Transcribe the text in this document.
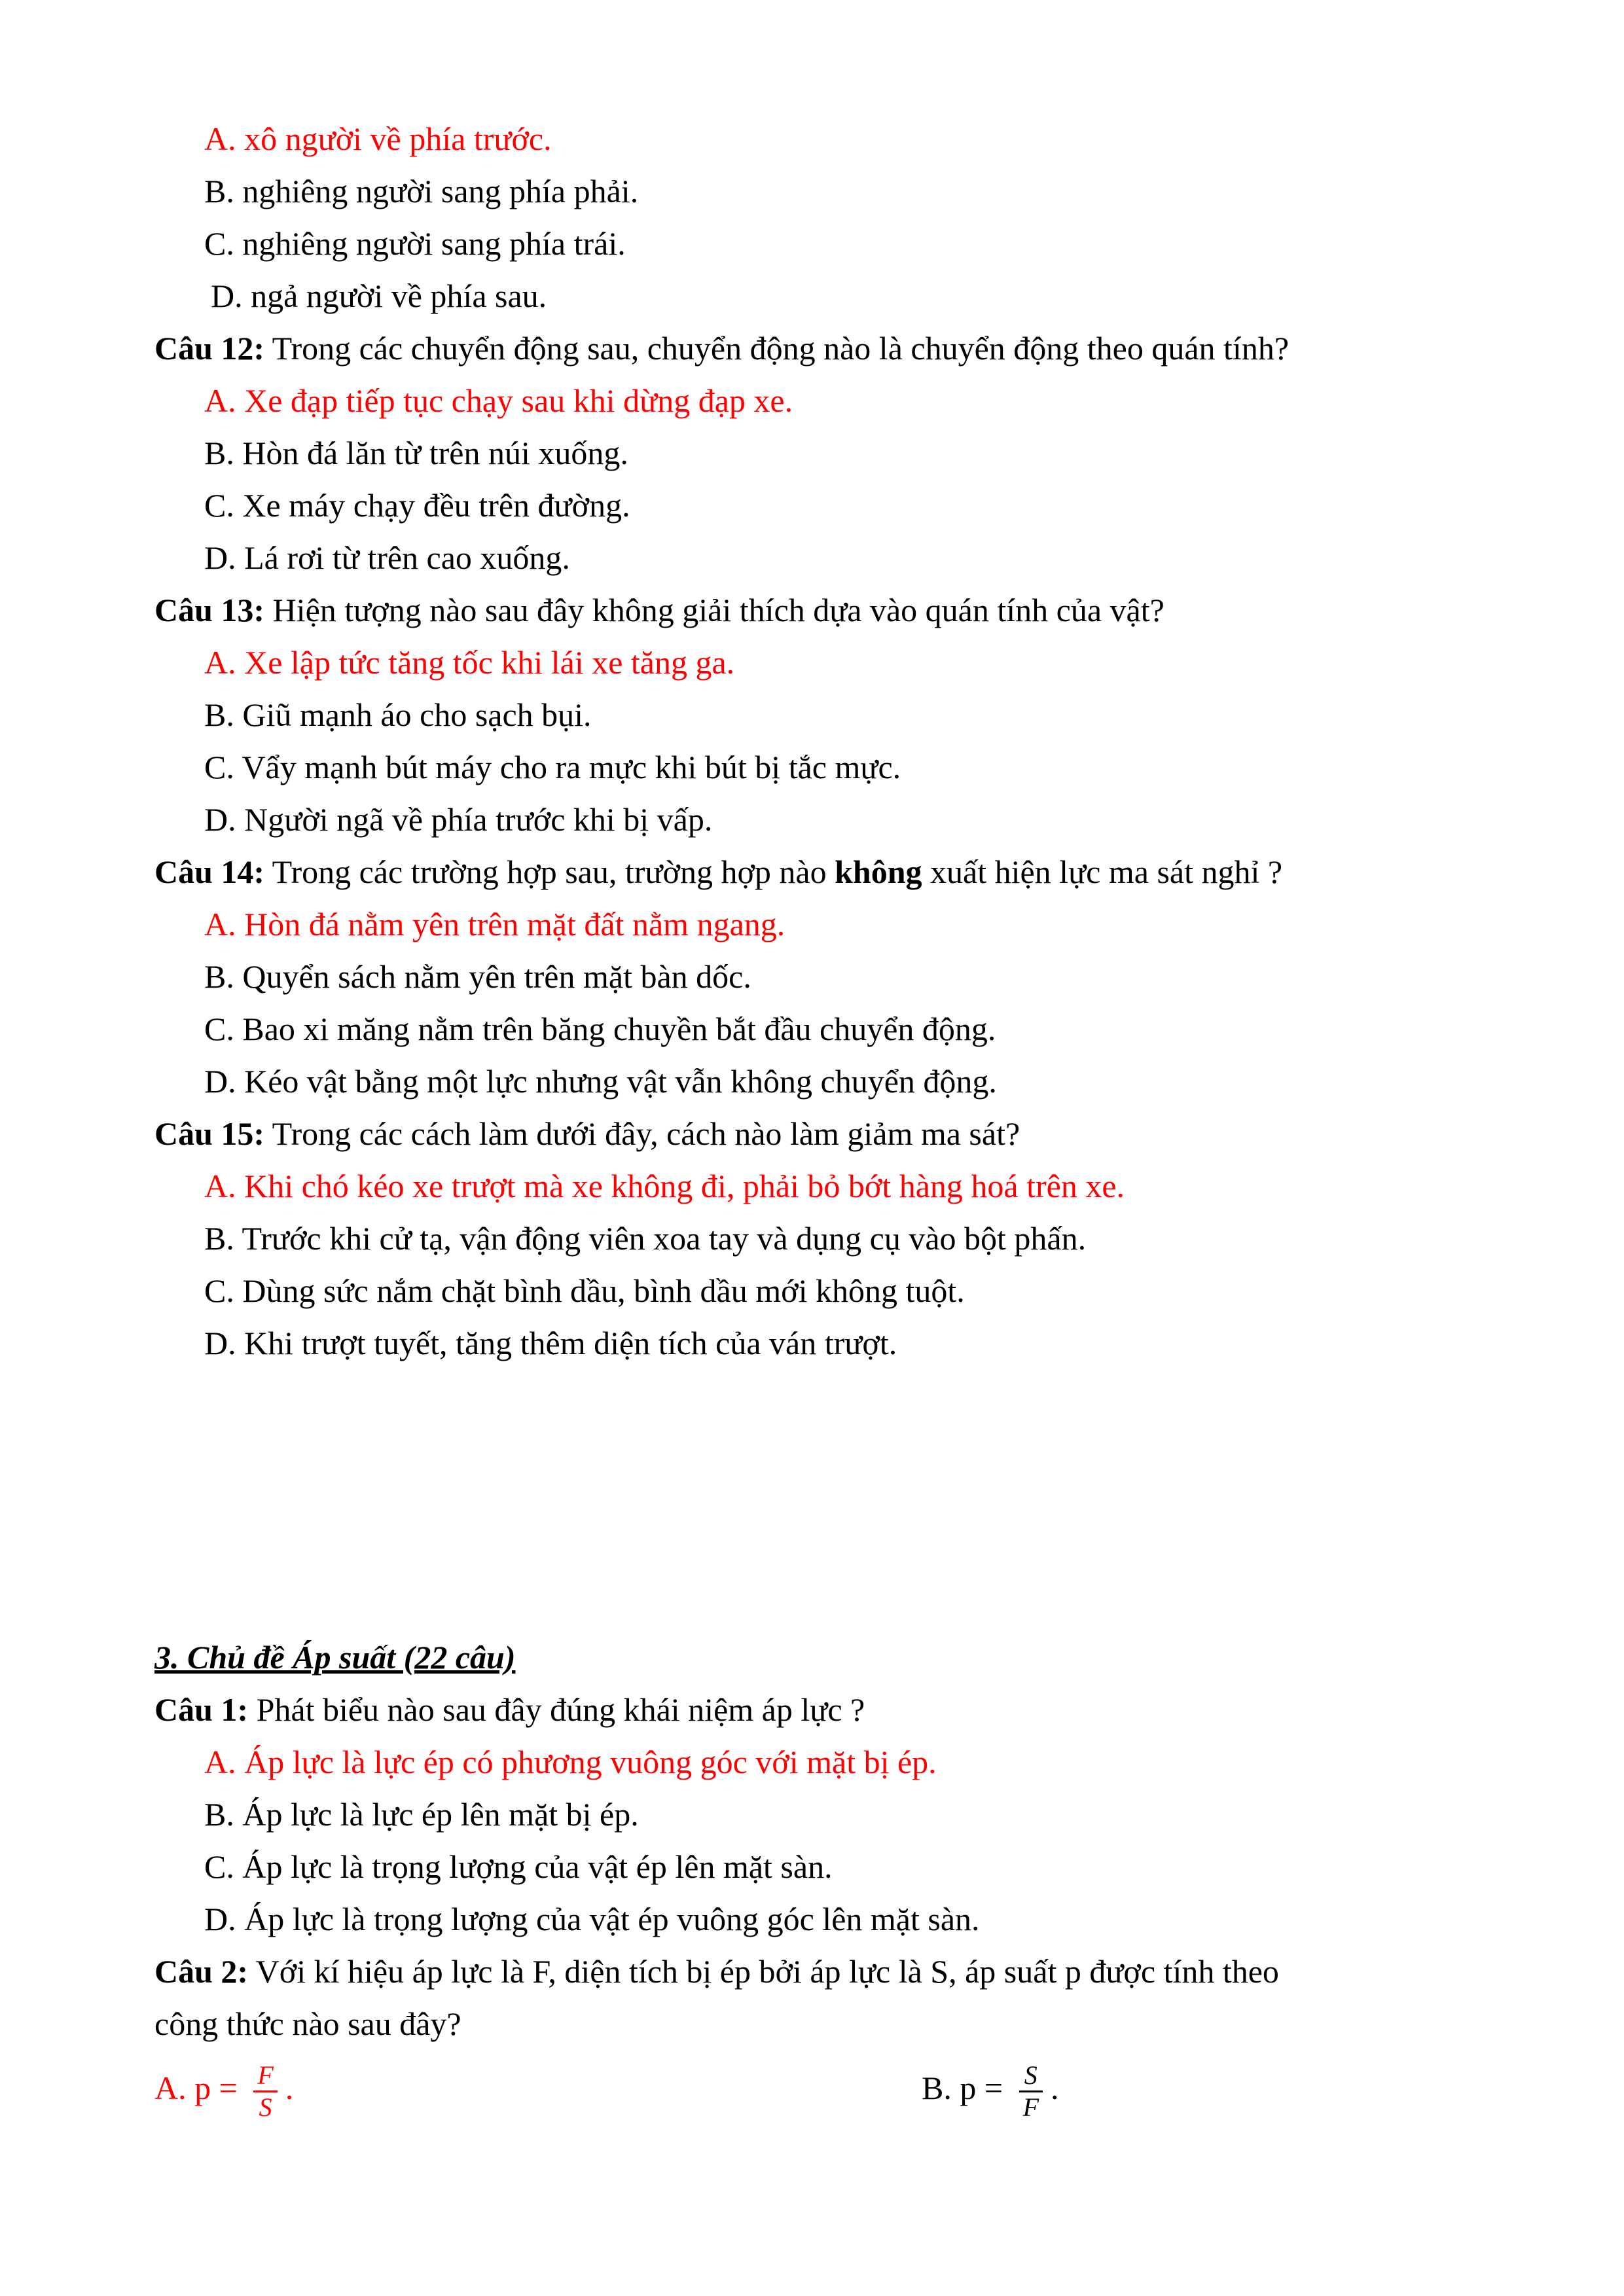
A. xô người về phía trước.
B. nghiêng người sang phía phải.
C. nghiêng người sang phía trái.
D. ngả người về phía sau.
Câu 12: Trong các chuyển động sau, chuyển động nào là chuyển động theo quán tính?
A. Xe đạp tiếp tục chạy sau khi dừng đạp xe.
B. Hòn đá lăn từ trên núi xuống.
C. Xe máy chạy đều trên đường.
D. Lá rơi từ trên cao xuống.
Câu 13: Hiện tượng nào sau đây không giải thích dựa vào quán tính của vật?
A. Xe lập tức tăng tốc khi lái xe tăng ga.
B. Giũ mạnh áo cho sạch bụi.
C. Vẩy mạnh bút máy cho ra mực khi bút bị tắc mực.
D. Người ngã về phía trước khi bị vấp.
Câu 14: Trong các trường hợp sau, trường hợp nào không xuất hiện lực ma sát nghỉ ?
A. Hòn đá nằm yên trên mặt đất nằm ngang.
B. Quyển sách nằm yên trên mặt bàn dốc.
C. Bao xi măng nằm trên băng chuyền bắt đầu chuyển động.
D. Kéo vật bằng một lực nhưng vật vẫn không chuyển động.
Câu 15: Trong các cách làm dưới đây, cách nào làm giảm ma sát?
A. Khi chó kéo xe trượt mà xe không đi, phải bỏ bớt hàng hoá trên xe.
B. Trước khi cử tạ, vận động viên xoa tay và dụng cụ vào bột phấn.
C. Dùng sức nắm chặt bình dầu, bình dầu mới không tuột.
D. Khi trượt tuyết, tăng thêm diện tích của ván trượt.
3. Chủ đề Áp suất (22 câu)
Câu 1: Phát biểu nào sau đây đúng khái niệm áp lực ?
A. Áp lực là lực ép có phương vuông góc với mặt bị ép.
B. Áp lực là lực ép lên mặt bị ép.
C. Áp lực là trọng lượng của vật ép lên mặt sàn.
D. Áp lực là trọng lượng của vật ép vuông góc lên mặt sàn.
Câu 2: Với kí hiệu áp lực là F, diện tích bị ép bởi áp lực là S, áp suất p được tính theo
công thức nào sau đây?
A. $p = \frac{F}{S}$ .	B. $p = \frac{S}{F}$ .
